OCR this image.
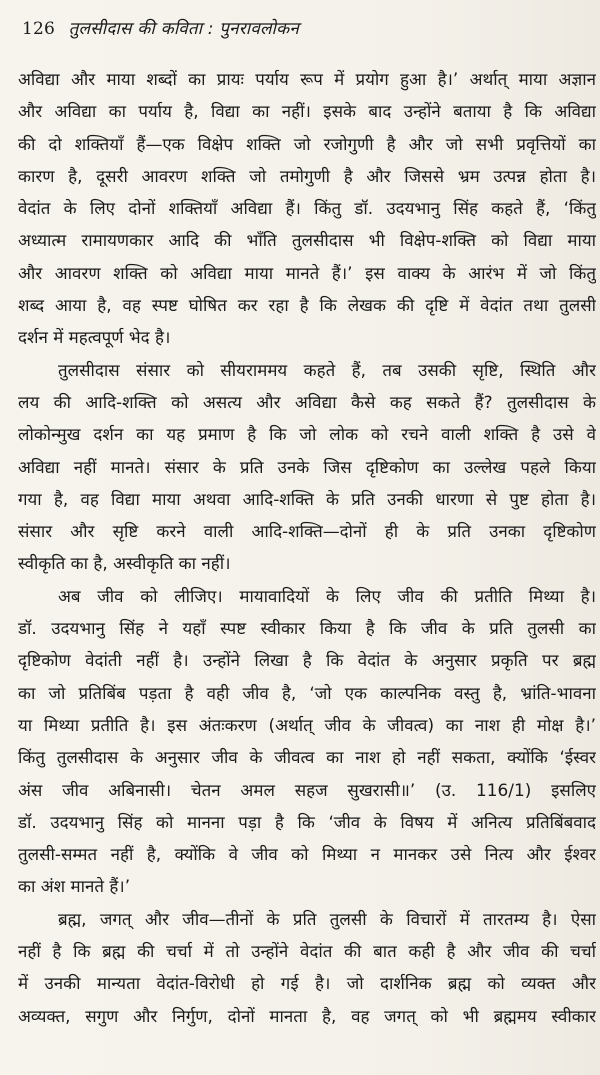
126 तुलसीदास की कविता : पुनरावलोकन
अविद्या और माया शब्दों का प्रायः पर्याय रूप में प्रयोग हुआ है।’ अर्थात् माया अज्ञान
और अविद्या का पर्याय है, विद्या का नहीं। इसके बाद उन्होंने बताया है कि अविद्या
की दो शक्तियाँ हैं—एक विक्षेप शक्ति जो रजोगुणी है और जो सभी प्रवृत्तियों का
कारण है, दूसरी आवरण शक्ति जो तमोगुणी है और जिससे भ्रम उत्पन्न होता है।
वेदांत के लिए दोनों शक्तियाँ अविद्या हैं। किंतु डॉ. उदयभानु सिंह कहते हैं, ‘किंतु
अध्यात्म रामायणकार आदि की भाँति तुलसीदास भी विक्षेप-शक्ति को विद्या माया
और आवरण शक्ति को अविद्या माया मानते हैं।’ इस वाक्य के आरंभ में जो किंतु
शब्द आया है, वह स्पष्ट घोषित कर रहा है कि लेखक की दृष्टि में वेदांत तथा तुलसी
दर्शन में महत्वपूर्ण भेद है।
तुलसीदास संसार को सीयराममय कहते हैं, तब उसकी सृष्टि, स्थिति और
लय की आदि-शक्ति को असत्य और अविद्या कैसे कह सकते हैं? तुलसीदास के
लोकोन्मुख दर्शन का यह प्रमाण है कि जो लोक को रचने वाली शक्ति है उसे वे
अविद्या नहीं मानते। संसार के प्रति उनके जिस दृष्टिकोण का उल्लेख पहले किया
गया है, वह विद्या माया अथवा आदि-शक्ति के प्रति उनकी धारणा से पुष्ट होता है।
संसार और सृष्टि करने वाली आदि-शक्ति—दोनों ही के प्रति उनका दृष्टिकोण
स्वीकृति का है, अस्वीकृति का नहीं।
अब जीव को लीजिए। मायावादियों के लिए जीव की प्रतीति मिथ्या है।
डॉ. उदयभानु सिंह ने यहाँ स्पष्ट स्वीकार किया है कि जीव के प्रति तुलसी का
दृष्टिकोण वेदांती नहीं है। उन्होंने लिखा है कि वेदांत के अनुसार प्रकृति पर ब्रह्म
का जो प्रतिबिंब पड़ता है वही जीव है, ‘जो एक काल्पनिक वस्तु है, भ्रांति-भावना
या मिथ्या प्रतीति है। इस अंतःकरण (अर्थात् जीव के जीवत्व) का नाश ही मोक्ष है।’
किंतु तुलसीदास के अनुसार जीव के जीवत्व का नाश हो नहीं सकता, क्योंकि ‘ईस्वर
अंस जीव अबिनासी। चेतन अमल सहज सुखरासी॥’ (उ. 116/1) इसलिए
डॉ. उदयभानु सिंह को मानना पड़ा है कि ‘जीव के विषय में अनित्य प्रतिबिंबवाद
तुलसी-सम्मत नहीं है, क्योंकि वे जीव को मिथ्या न मानकर उसे नित्य और ईश्वर
का अंश मानते हैं।’
ब्रह्म, जगत् और जीव—तीनों के प्रति तुलसी के विचारों में तारतम्य है। ऐसा
नहीं है कि ब्रह्म की चर्चा में तो उन्होंने वेदांत की बात कही है और जीव की चर्चा
में उनकी मान्यता वेदांत-विरोधी हो गई है। जो दार्शनिक ब्रह्म को व्यक्त और
अव्यक्त, सगुण और निर्गुण, दोनों मानता है, वह जगत् को भी ब्रह्ममय स्वीकार
